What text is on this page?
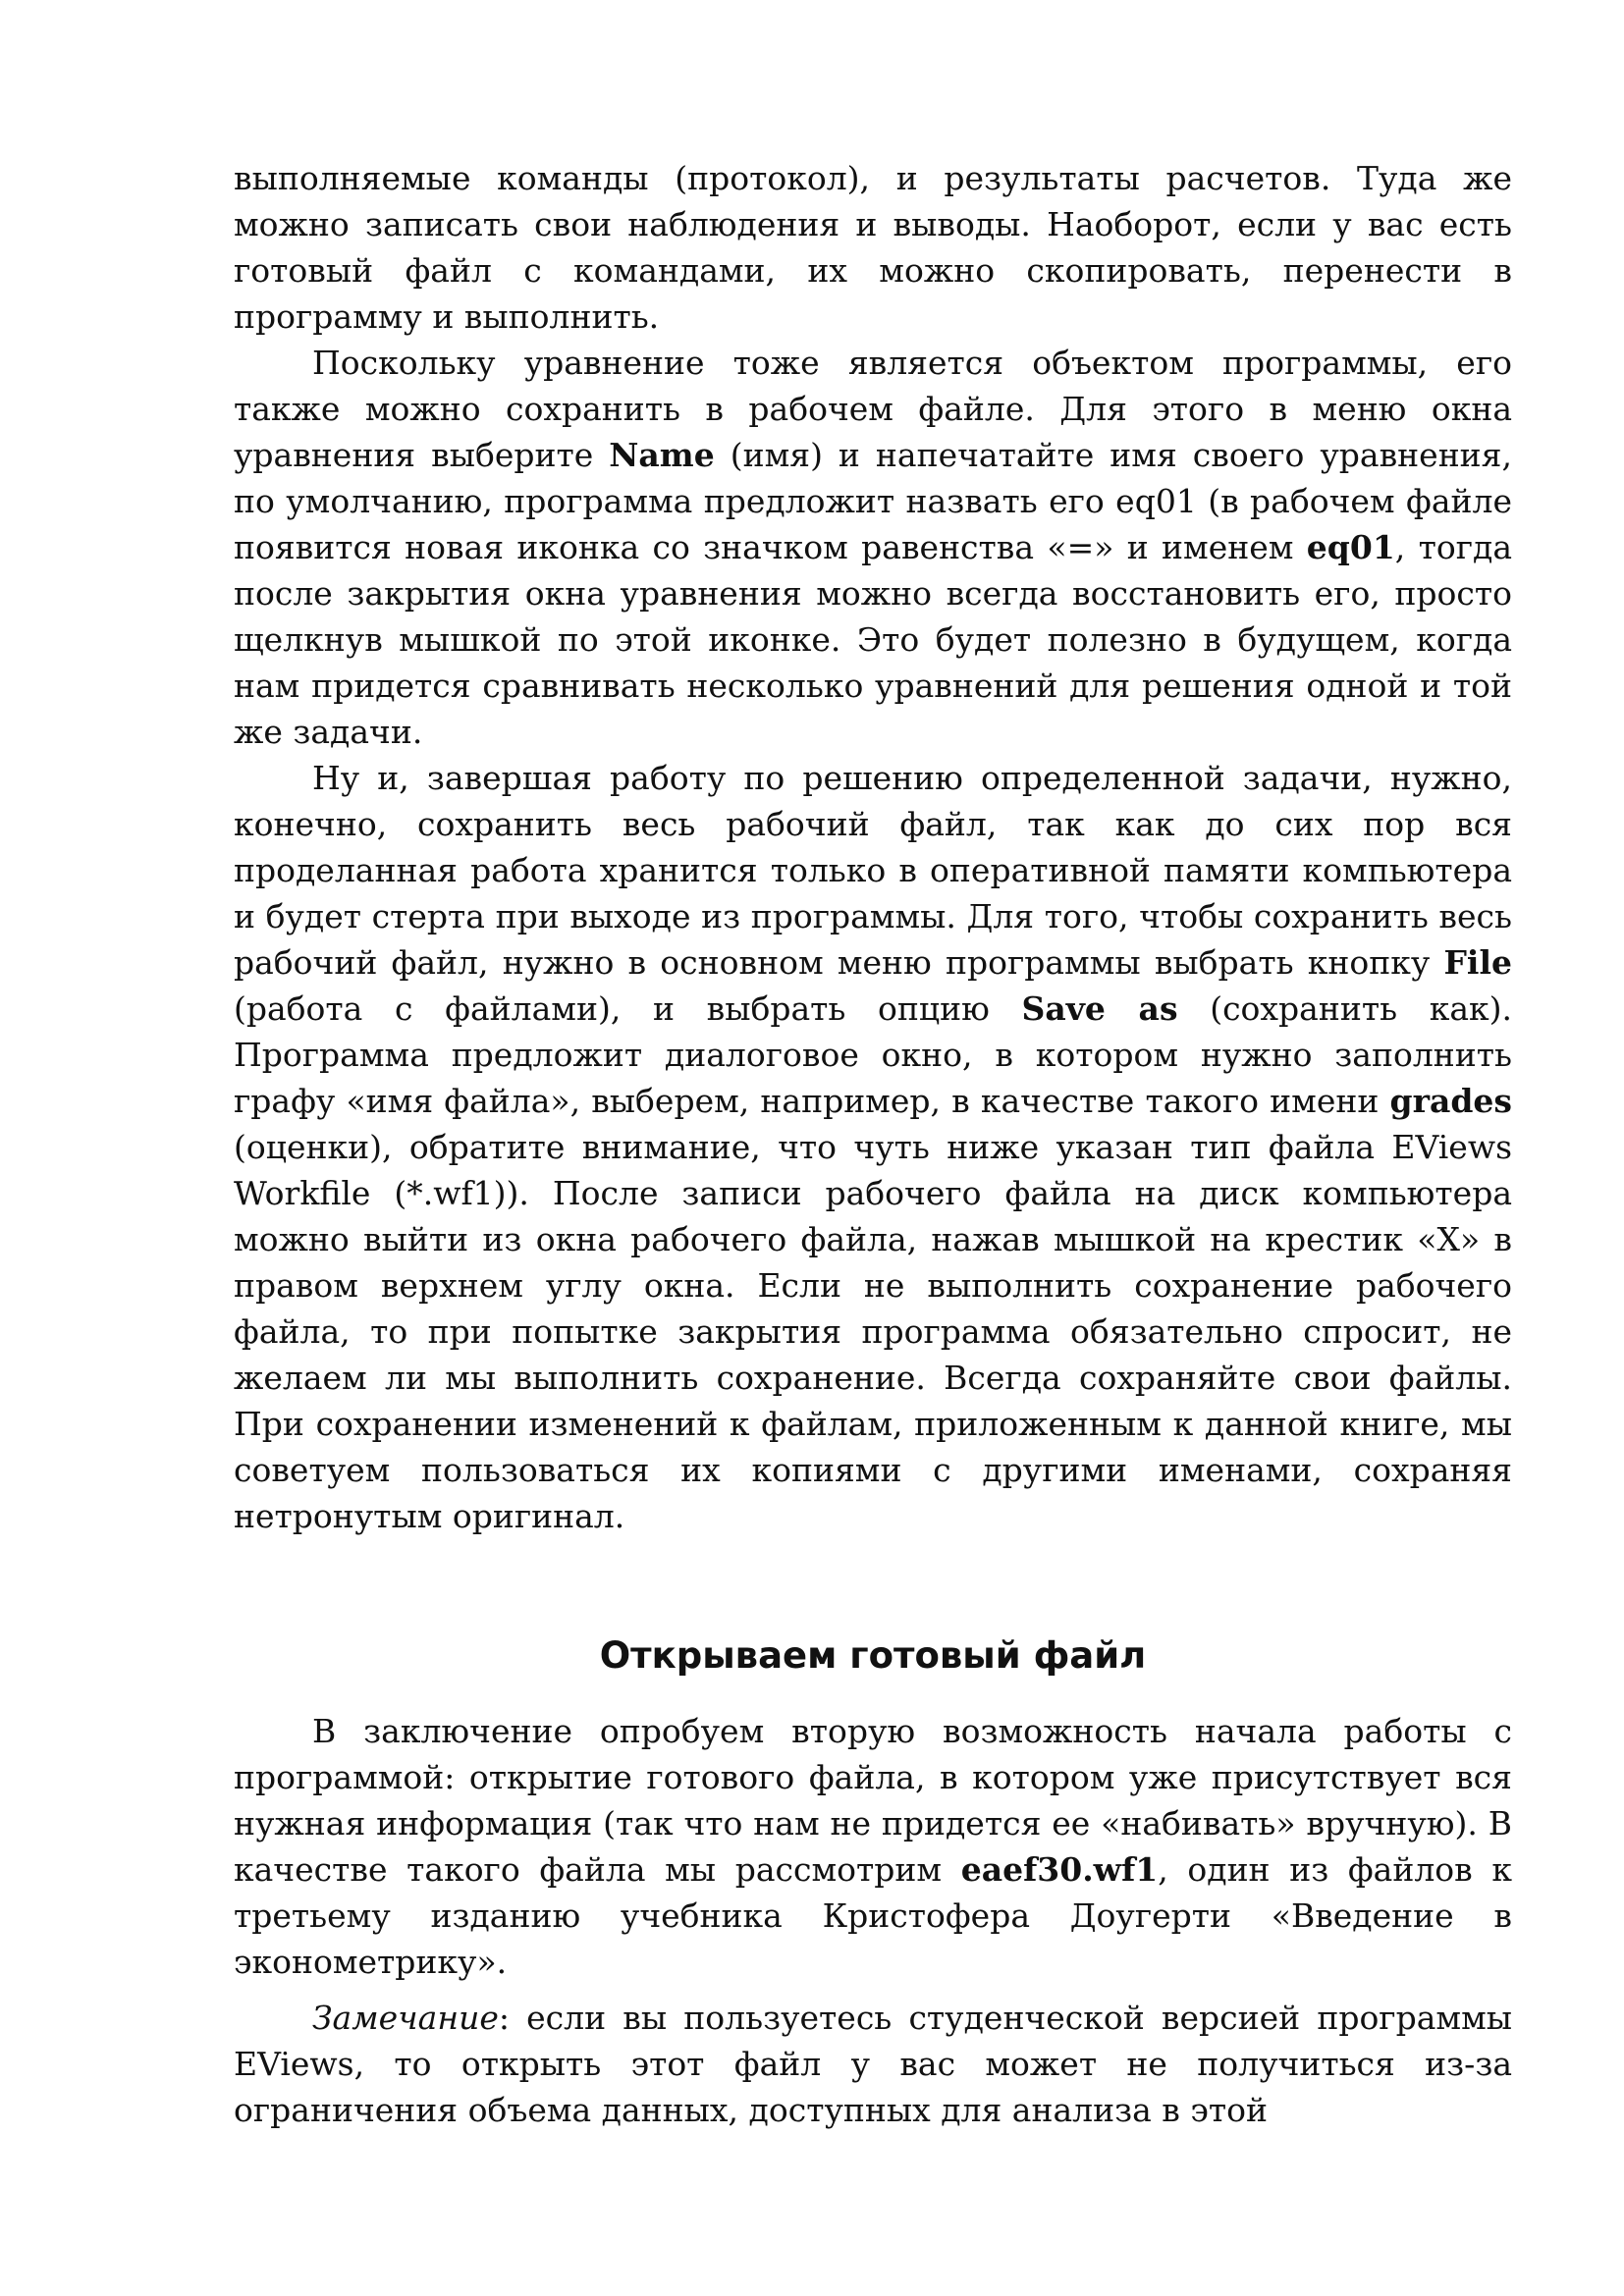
выполняемые команды (протокол), и результаты расчетов. Туда же можно записать свои наблюдения и выводы. Наоборот, если у вас есть готовый файл с командами, их можно скопировать, перенести в программу и выполнить.

Поскольку уравнение тоже является объектом программы, его также можно сохранить в рабочем файле. Для этого в меню окна уравнения выберите Name (имя) и напечатайте имя своего уравнения, по умолчанию, программа предложит назвать его eq01 (в рабочем файле появится новая иконка со значком равенства «=» и именем eq01, тогда после закрытия окна уравнения можно всегда восстановить его, просто щелкнув мышкой по этой иконке. Это будет полезно в будущем, когда нам придется сравнивать несколько уравнений для решения одной и той же задачи.

Ну и, завершая работу по решению определенной задачи, нужно, конечно, сохранить весь рабочий файл, так как до сих пор вся проделанная работа хранится только в оперативной памяти компьютера и будет стерта при выходе из программы. Для того, чтобы сохранить весь рабочий файл, нужно в основном меню программы выбрать кнопку File (работа с файлами), и выбрать опцию Save as (сохранить как). Программа предложит диалоговое окно, в котором нужно заполнить графу «имя файла», выберем, например, в качестве такого имени grades (оценки), обратите внимание, что чуть ниже указан тип файла EViews Workfile (*.wf1)). После записи рабочего файла на диск компьютера можно выйти из окна рабочего файла, нажав мышкой на крестик «X» в правом верхнем углу окна. Если не выполнить сохранение рабочего файла, то при попытке закрытия программа обязательно спросит, не желаем ли мы выполнить сохранение. Всегда сохраняйте свои файлы. При сохранении изменений к файлам, приложенным к данной книге, мы советуем пользоваться их копиями с другими именами, сохраняя нетронутым оригинал.

Открываем готовый файл

В заключение опробуем вторую возможность начала работы с программой: открытие готового файла, в котором уже присутствует вся нужная информация (так что нам не придется ее «набивать» вручную). В качестве такого файла мы рассмотрим eaef30.wf1, один из файлов к третьему изданию учебника Кристофера Доугерти «Введение в эконометрику».

Замечание: если вы пользуетесь студенческой версией программы EViews, то открыть этот файл у вас может не получиться из-за ограничения объема данных, доступных для анализа в этой
